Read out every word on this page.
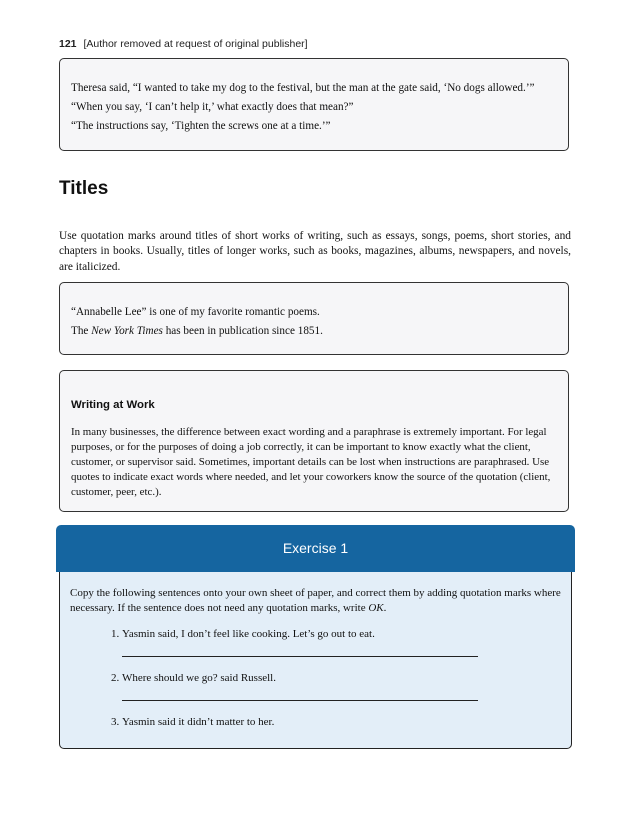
121 [Author removed at request of original publisher]

Theresa said, “I wanted to take my dog to the festival, but the man at the gate said, ‘No dogs allowed.’”

“When you say, ‘I can’t help it,’ what exactly does that mean?”

“The instructions say, ‘Tighten the screws one at a time.’”

Titles

Use quotation marks around titles of short works of writing, such as essays, songs, poems, short stories, and chapters in books. Usually, titles of longer works, such as books, magazines, albums, newspapers, and novels, are italicized.

“Annabelle Lee” is one of my favorite romantic poems.

The New York Times has been in publication since 1851.

Writing at Work

In many businesses, the difference between exact wording and a paraphrase is extremely important. For legal purposes, or for the purposes of doing a job correctly, it can be important to know exactly what the client, customer, or supervisor said. Sometimes, important details can be lost when instructions are paraphrased. Use quotes to indicate exact words where needed, and let your coworkers know the source of the quotation (client, customer, peer, etc.).

Exercise 1

Copy the following sentences onto your own sheet of paper, and correct them by adding quotation marks where necessary. If the sentence does not need any quotation marks, write OK.

1. Yasmin said, I don’t feel like cooking. Let’s go out to eat.
2. Where should we go? said Russell.
3. Yasmin said it didn’t matter to her.
